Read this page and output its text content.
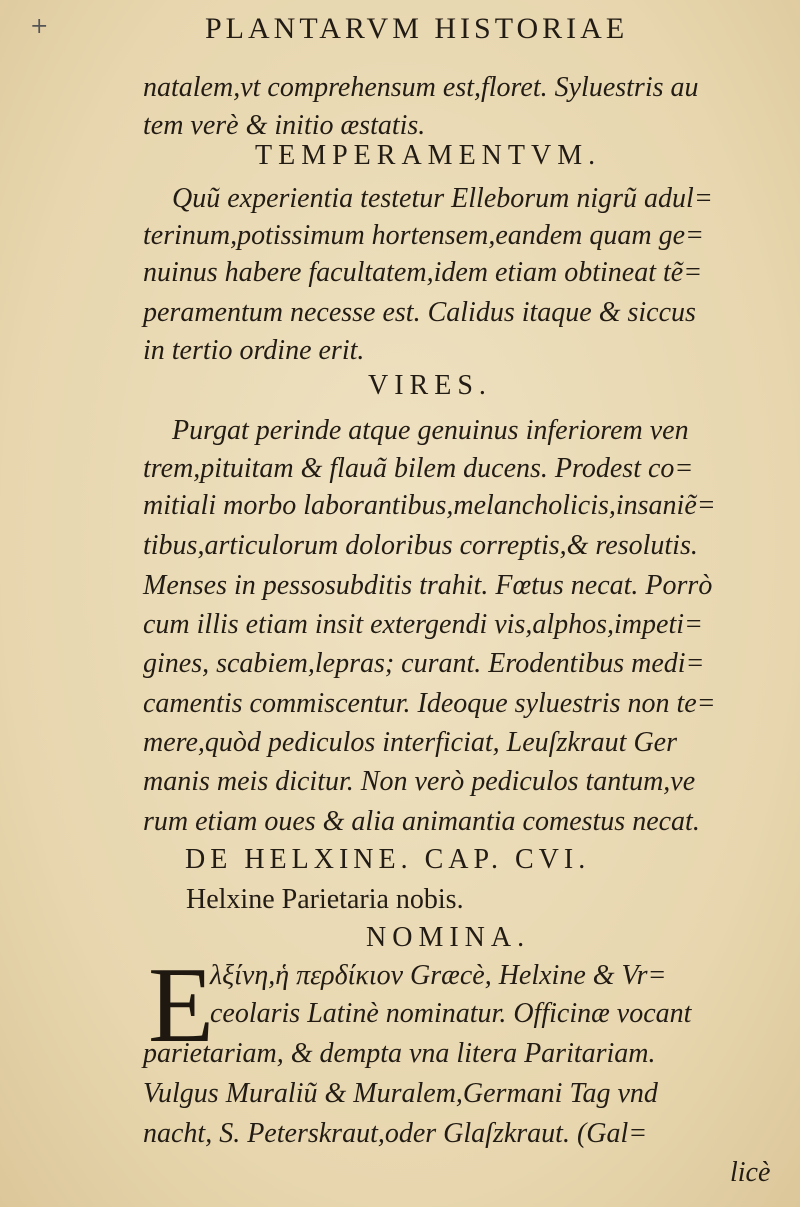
+	PLANTARVM HISTORIAE
natalem,vt comprehensum est,floret. Syluestris au
tem verè & initio æstatis.
TEMPERAMENTVM.
Quũ experientia testetur Elleborum nigrũ adul=
terinum,potissimum hortensem,eandem quam ge=
nuinus habere facultatem,idem etiam obtineat tẽ=
peramentum necesse est. Calidus itaque & siccus
in tertio ordine erit.
VIRES.
Purgat perinde atque genuinus inferiorem ven
trem,pituitam & flauã bilem ducens. Prodest co=
mitiali morbo laborantibus,melancholicis,insaniẽ=
tibus,articulorum doloribus correptis,& resolutis.
Menses in pessosubditis trahit. Fœtus necat. Porrò
cum illis etiam insit extergendi vis,alphos,impeti=
gines, scabiem,lepras; curant. Erodentibus medi=
camentis commiscentur. Ideoque syluestris non te=
mere,quòd pediculos interficiat, Leuſzkraut Ger
manis meis dicitur. Non verò pediculos tantum,ve
rum etiam oues & alia animantia comestus necat.
DE HELXINE. CAP. CVI.
Helxine Parietaria nobis.
NOMINA.
E
λξίνη,ἡ περδίκιον Græcè, Helxine & Vr=
ceolaris Latinè nominatur. Officinæ vocant
parietariam, & dempta vna litera Paritariam.
Vulgus Muraliũ & Muralem,Germani Tag vnd
nacht, S. Peterskraut,oder Glaſzkraut. (Gal=
licè
